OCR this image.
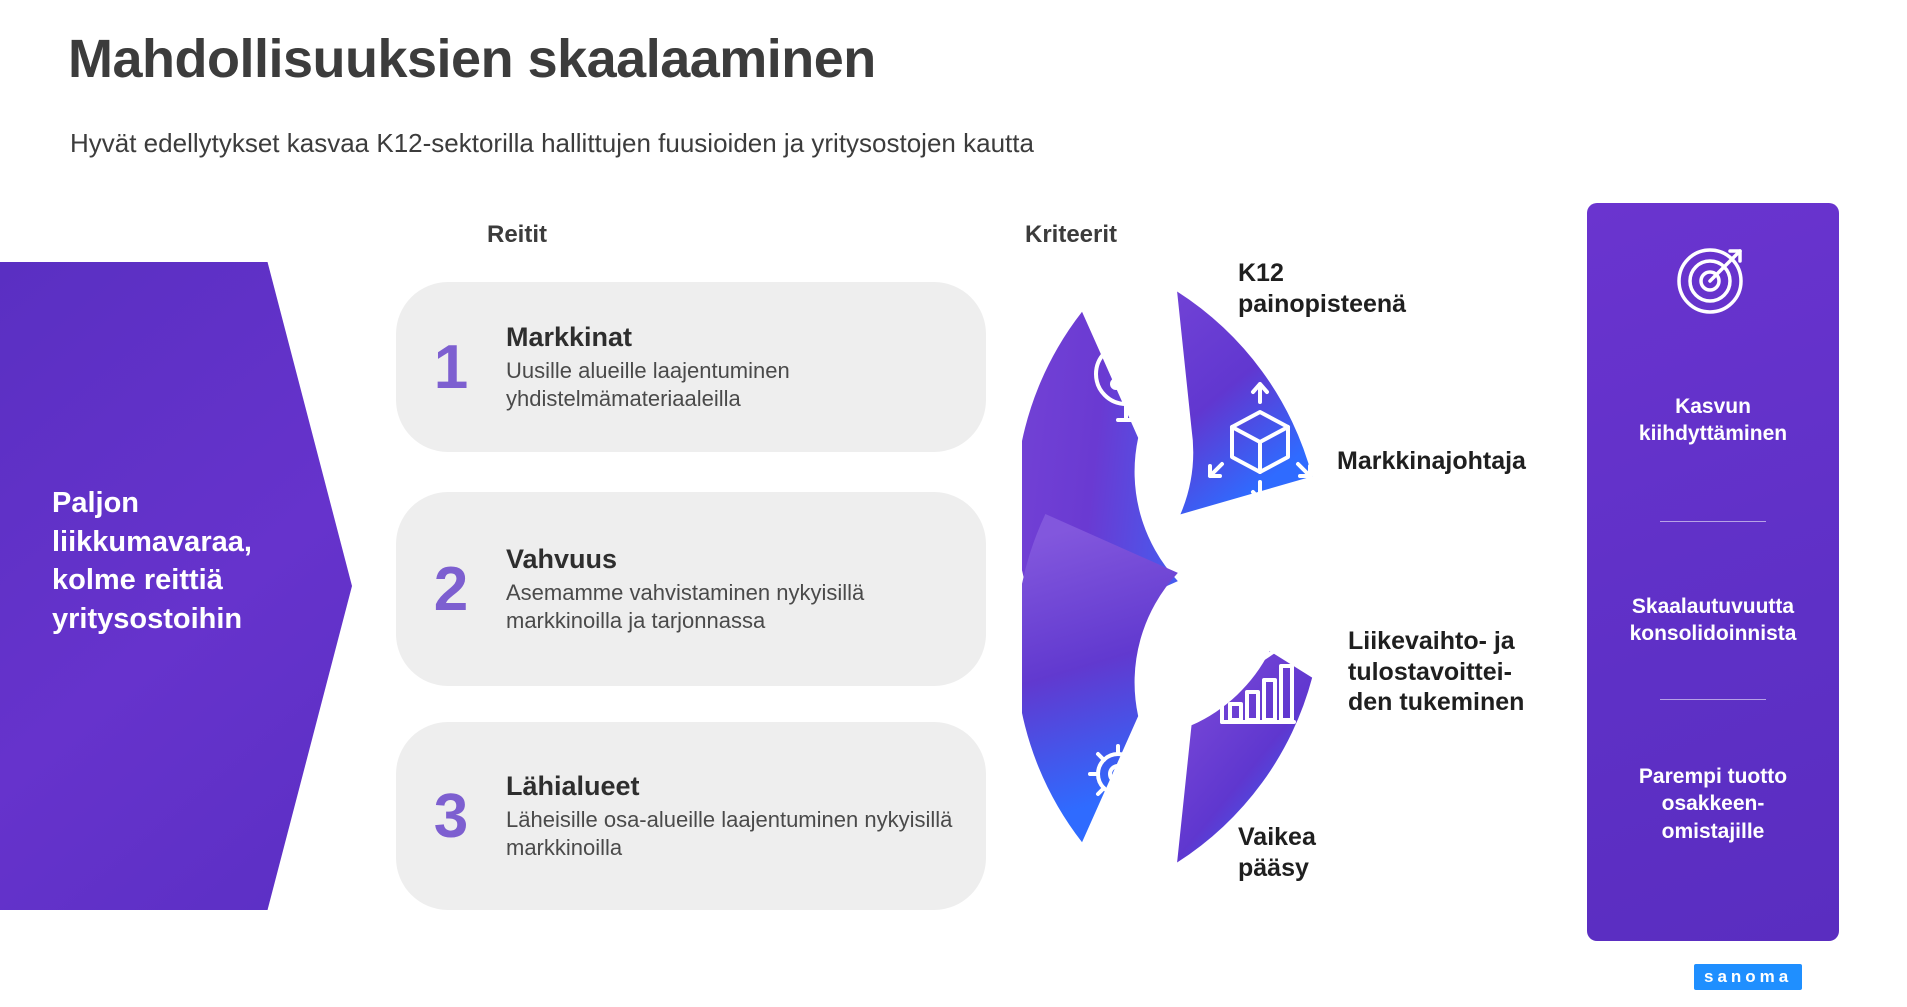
Mahdollisuuksien skaalaaminen
Hyvät edellytykset kasvaa K12-sektorilla hallittujen fuusioiden ja yritysostojen kautta
Reitit	Kriteerit
Paljon liikkumavaraa, kolme reittiä yritysostoihin
1	Markkinat
Uusille alueille laajentuminen yhdistelmämateriaaleilla
2	Vahvuus
Asemamme vahvistaminen nykyisillä markkinoilla ja tarjonnassa
3	Lähialueet
Läheisille osa-alueille laajentuminen nykyisillä markkinoilla
K12
painopisteenä
Markkinajohtaja
Liikevaihto- ja
tulostavoittei-
den tukeminen
Vaikea
pääsy
Kasvun
kiihdyttäminen
Skaalautuvuutta
konsolidoinnista
Parempi tuotto
osakkeen-
omistajille
sanoma
